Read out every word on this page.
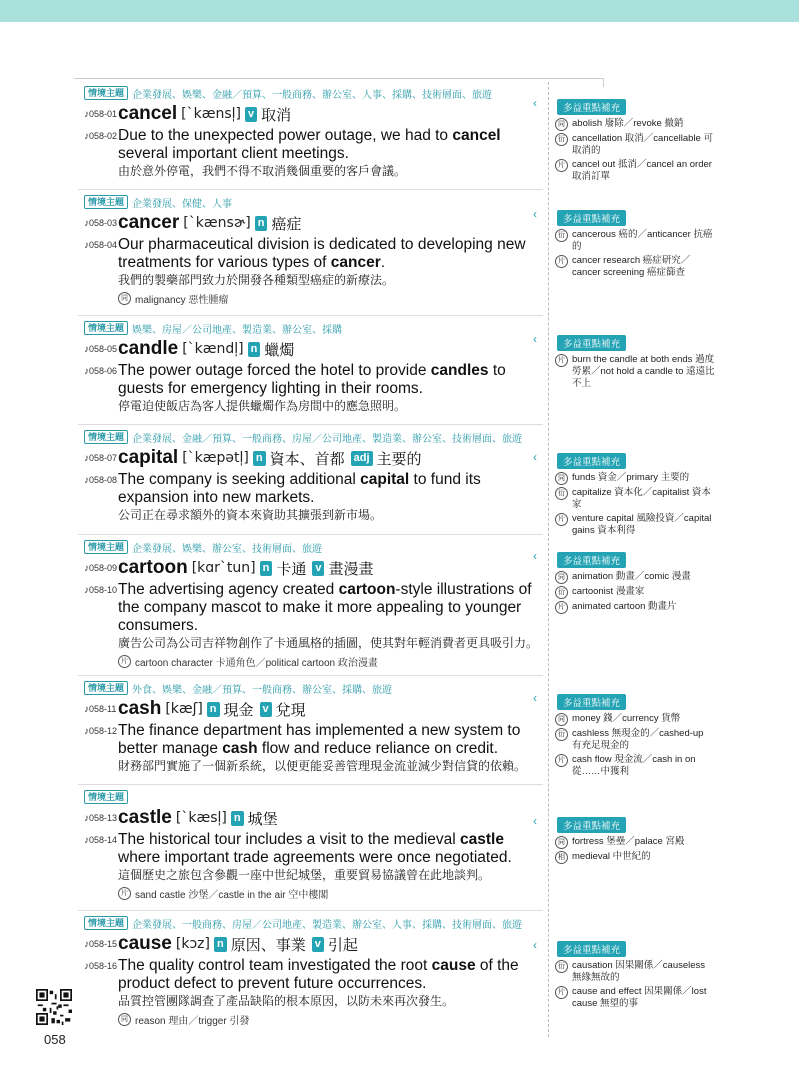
情境主題 企業發展、娛樂、金融／預算、一般商務、辦公室、人事、採購、技術層面、旅遊
♪058-01 cancel [ˋkænsl̩] v 取消
♪058-02 Due to the unexpected power outage, we had to cancel several important client meetings.
由於意外停電，我們不得不取消幾個重要的客戶會議。
‹	多益重點補充
同 abolish 廢除／revoke 撤銷
衍 cancellation 取消／cancellable 可取消的
片 cancel out 抵消／cancel an order 取消訂單
情境主題 企業發展、保健、人事
♪058-03 cancer [ˋkænsɚ] n 癌症
♪058-04 Our pharmaceutical division is dedicated to developing new treatments for various types of cancer.
我們的製藥部門致力於開發各種類型癌症的新療法。
同 malignancy 惡性腫瘤
‹	多益重點補充
衍 cancerous 癌的／anticancer 抗癌的
片 cancer research 癌症研究／cancer screening 癌症篩查
情境主題 娛樂、房屋／公司地產、製造業、辦公室、採購
♪058-05 candle [ˋkændl̩] n 蠟燭
♪058-06 The power outage forced the hotel to provide candles to guests for emergency lighting in their rooms.
停電迫使飯店為客人提供蠟燭作為房間中的應急照明。
‹	多益重點補充
片 burn the candle at both ends 過度勞累／not hold a candle to 遠遠比不上
情境主題 企業發展、金融／預算、一般商務、房屋／公司地產、製造業、辦公室、技術層面、旅遊
♪058-07 capital [ˋkæpətl̩] n 資本、首都 adj 主要的
♪058-08 The company is seeking additional capital to fund its expansion into new markets.
公司正在尋求額外的資本來資助其擴張到新市場。
‹	多益重點補充
同 funds 資金／primary 主要的
衍 capitalize 資本化／capitalist 資本家
片 venture capital 風險投資／capital gains 資本利得
情境主題 企業發展、娛樂、辦公室、技術層面、旅遊
♪058-09 cartoon [kɑrˋtun] n 卡通 v 畫漫畫
♪058-10 The advertising agency created cartoon-style illustrations of the company mascot to make it more appealing to younger consumers.
廣告公司為公司吉祥物創作了卡通風格的插圖，使其對年輕消費者更具吸引力。
片 cartoon character 卡通角色／political cartoon 政治漫畫
‹	多益重點補充
同 animation 動畫／comic 漫畫
衍 cartoonist 漫畫家
片 animated cartoon 動畫片
情境主題 外食、娛樂、金融／預算、一般商務、辦公室、採購、旅遊
♪058-11 cash [kæʃ] n 現金 v 兌現
♪058-12 The finance department has implemented a new system to better manage cash flow and reduce reliance on credit.
財務部門實施了一個新系統，以便更能妥善管理現金流並減少對信貸的依賴。
‹	多益重點補充
同 money 錢／currency 貨幣
衍 cashless 無現金的／cashed-up 有充足現金的
片 cash flow 現金流／cash in on 從……中獲利
情境主題
♪058-13 castle [ˋkæsl̩] n 城堡
♪058-14 The historical tour includes a visit to the medieval castle where important trade agreements were once negotiated.
這個歷史之旅包含參觀一座中世紀城堡，重要貿易協議曾在此地談判。
片 sand castle 沙堡／castle in the air 空中樓閣
‹	多益重點補充
同 fortress 堡壘／palace 宮殿
相 medieval 中世紀的
情境主題 企業發展、一般商務、房屋／公司地產、製造業、辦公室、人事、採購、技術層面、旅遊
♪058-15 cause [kɔz] n 原因、事業 v 引起
♪058-16 The quality control team investigated the root cause of the product defect to prevent future occurrences.
品質控管團隊調查了產品缺陷的根本原因，以防未來再次發生。
同 reason 理由／trigger 引發
‹	多益重點補充
衍 causation 因果關係／causeless 無緣無故的
片 cause and effect 因果關係／lost cause 無望的事
058
